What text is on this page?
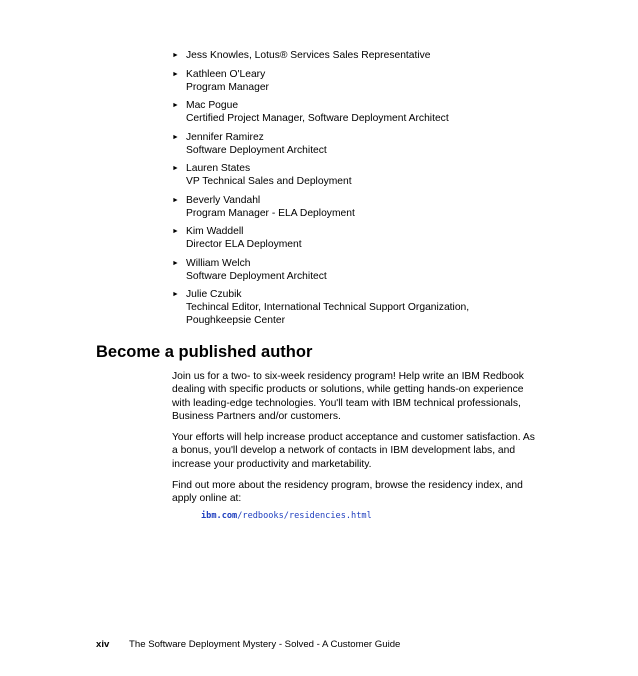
► Jess Knowles, Lotus® Services Sales Representative
► Kathleen O'Leary
Program Manager
► Mac Pogue
Certified Project Manager, Software Deployment Architect
► Jennifer Ramirez
Software Deployment Architect
► Lauren States
VP Technical Sales and Deployment
► Beverly Vandahl
Program Manager - ELA Deployment
► Kim Waddell
Director ELA Deployment
► William Welch
Software Deployment Architect
► Julie Czubik
Techincal Editor, International Technical Support Organization,
Poughkeepsie Center
Become a published author

Join us for a two- to six-week residency program! Help write an IBM Redbook
dealing with specific products or solutions, while getting hands-on experience
with leading-edge technologies. You'll team with IBM technical professionals,
Business Partners and/or customers.

Your efforts will help increase product acceptance and customer satisfaction. As
a bonus, you'll develop a network of contacts in IBM development labs, and
increase your productivity and marketability.

Find out more about the residency program, browse the residency index, and
apply online at:

ibm.com/redbooks/residencies.html
xiv The Software Deployment Mystery - Solved - A Customer Guide
